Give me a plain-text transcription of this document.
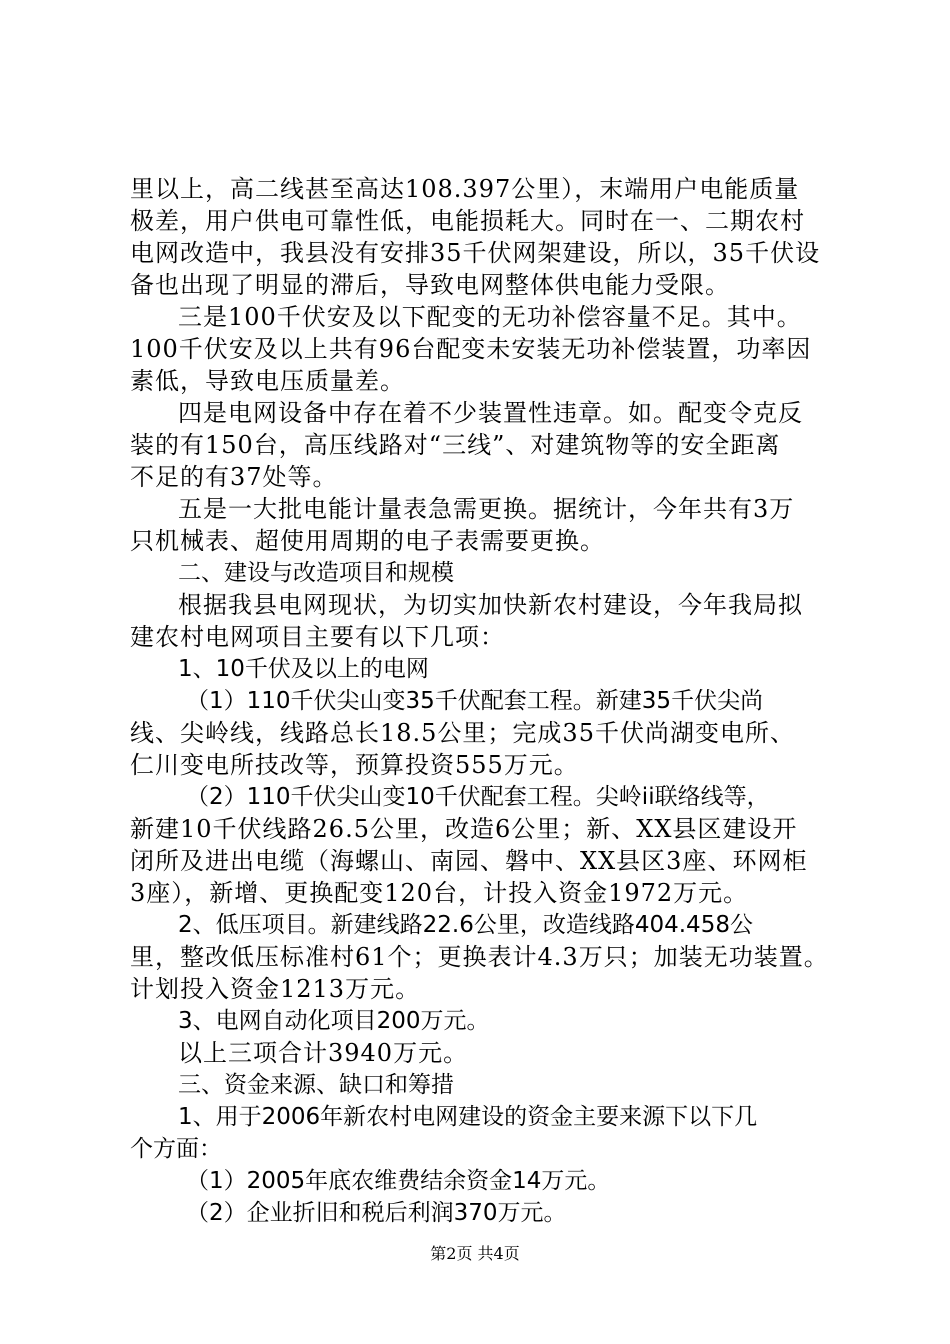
里以上，高二线甚至高达108.397公里），末端用户电能质量
极差，用户供电可靠性低，电能损耗大。同时在一、二期农村
电网改造中，我县没有安排35千伏网架建设，所以，35千伏设
备也出现了明显的滞后，导致电网整体供电能力受限。
三是100千伏安及以下配变的无功补偿容量不足。其中。
100千伏安及以上共有96台配变未安装无功补偿装置，功率因
素低，导致电压质量差。
四是电网设备中存在着不少装置性违章。如。配变令克反
装的有150台，高压线路对“三线”、对建筑物等的安全距离
不足的有37处等。
五是一大批电能计量表急需更换。据统计，今年共有3万
只机械表、超使用周期的电子表需要更换。
二、建设与改造项目和规模
根据我县电网现状，为切实加快新农村建设，今年我局拟
建农村电网项目主要有以下几项：
1、10千伏及以上的电网
（1）110千伏尖山变35千伏配套工程。新建35千伏尖尚
线、尖岭线，线路总长18.5公里；完成35千伏尚湖变电所、
仁川变电所技改等，预算投资555万元。
（2）110千伏尖山变10千伏配套工程。尖岭ii联络线等，
新建10千伏线路26.5公里，改造6公里；新、XX县区建设开
闭所及进出电缆（海螺山、南园、磐中、XX县区3座、环网柜
3座），新增、更换配变120台，计投入资金1972万元。
2、低压项目。新建线路22.6公里，改造线路404.458公
里，整改低压标准村61个；更换表计4.3万只；加装无功装置。
计划投入资金1213万元。
3、电网自动化项目200万元。
以上三项合计3940万元。
三、资金来源、缺口和筹措
1、用于2006年新农村电网建设的资金主要来源下以下几
个方面：
（1）2005年底农维费结余资金14万元。
（2）企业折旧和税后利润370万元。
第2页 共4页
